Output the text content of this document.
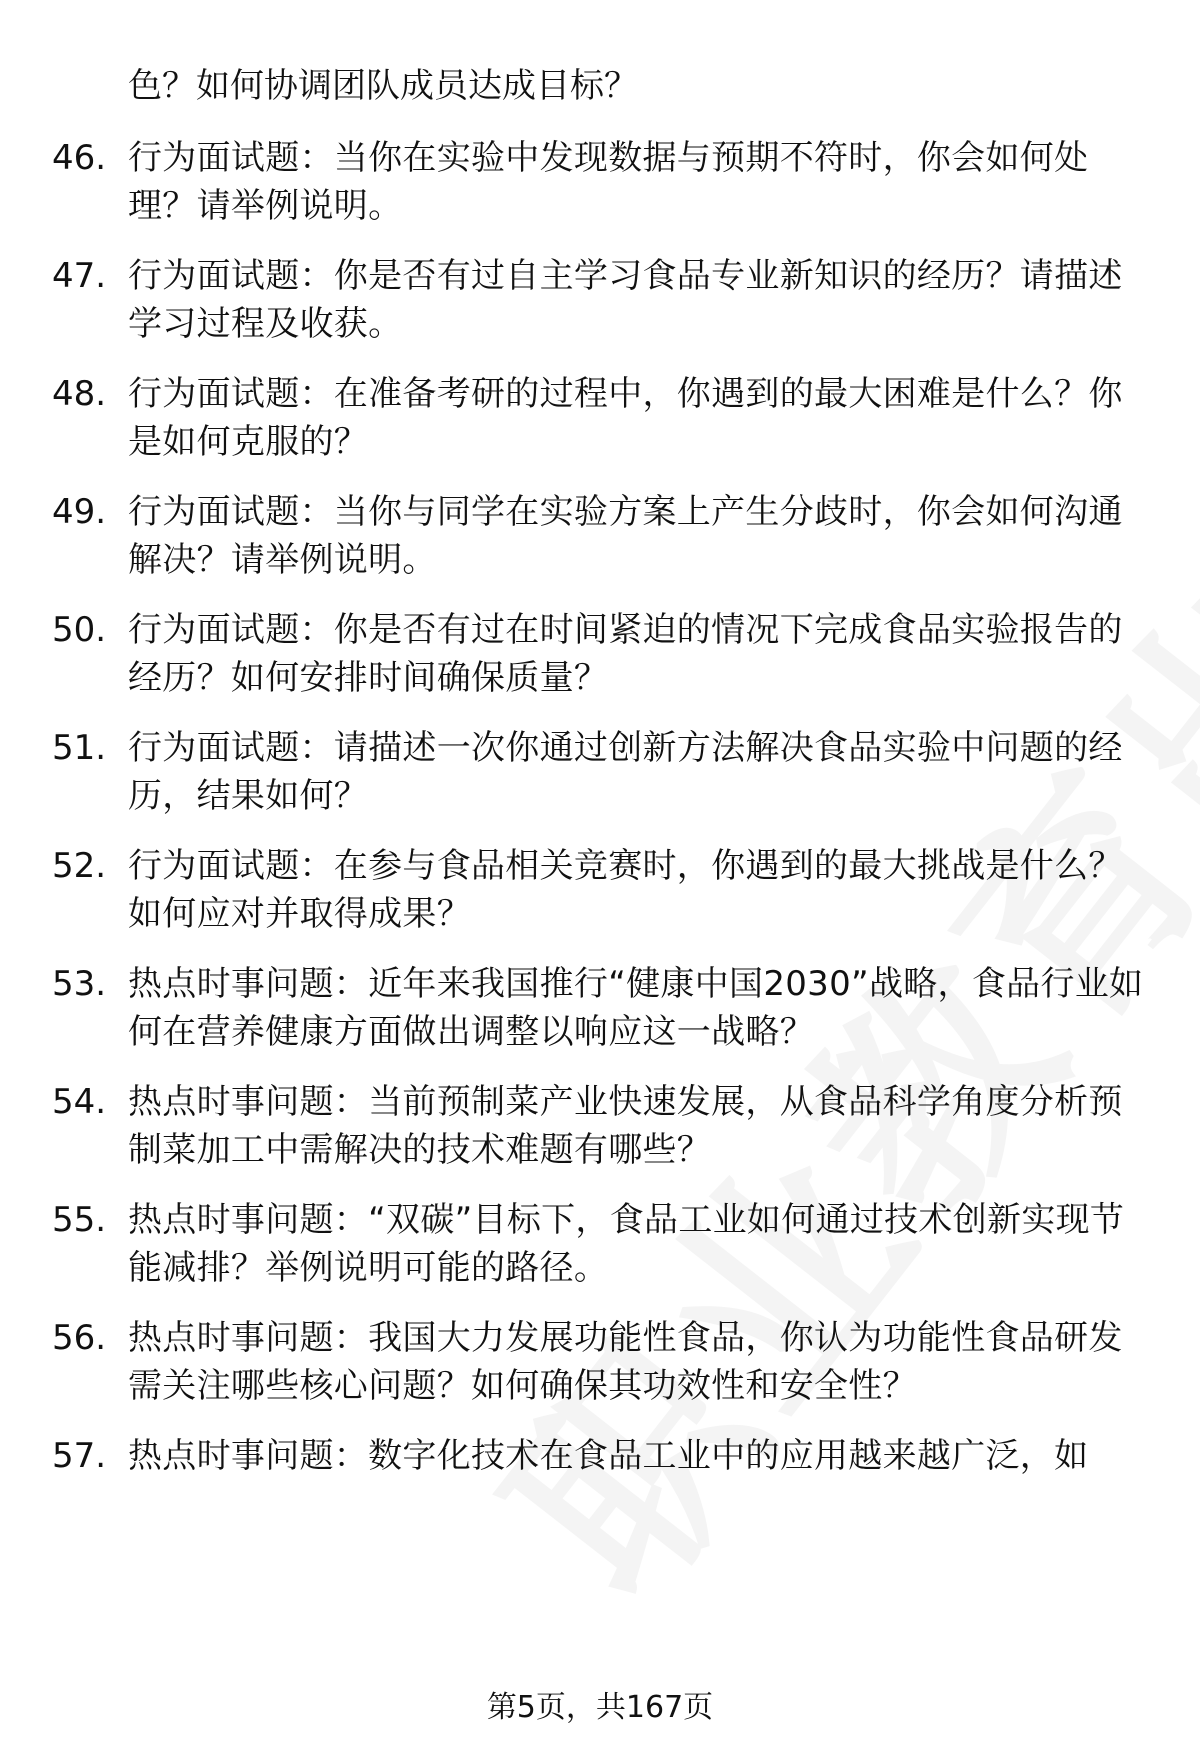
色？如何协调团队成员达成目标？
46. 行为面试题：当你在实验中发现数据与预期不符时，你会如何处理？请举例说明。
47. 行为面试题：你是否有过自主学习食品专业新知识的经历？请描述学习过程及收获。
48. 行为面试题：在准备考研的过程中，你遇到的最大困难是什么？你是如何克服的？
49. 行为面试题：当你与同学在实验方案上产生分歧时，你会如何沟通解决？请举例说明。
50. 行为面试题：你是否有过在时间紧迫的情况下完成食品实验报告的经历？如何安排时间确保质量？
51. 行为面试题：请描述一次你通过创新方法解决食品实验中问题的经历，结果如何？
52. 行为面试题：在参与食品相关竞赛时，你遇到的最大挑战是什么？如何应对并取得成果？
53. 热点时事问题：近年来我国推行“健康中国2030”战略，食品行业如何在营养健康方面做出调整以响应这一战略？
54. 热点时事问题：当前预制菜产业快速发展，从食品科学角度分析预制菜加工中需解决的技术难题有哪些？
55. 热点时事问题：“双碳”目标下，食品工业如何通过技术创新实现节能减排？举例说明可能的路径。
56. 热点时事问题：我国大力发展功能性食品，你认为功能性食品研发需关注哪些核心问题？如何确保其功效性和安全性？
57. 热点时事问题：数字化技术在食品工业中的应用越来越广泛，如
第5页，共167页
